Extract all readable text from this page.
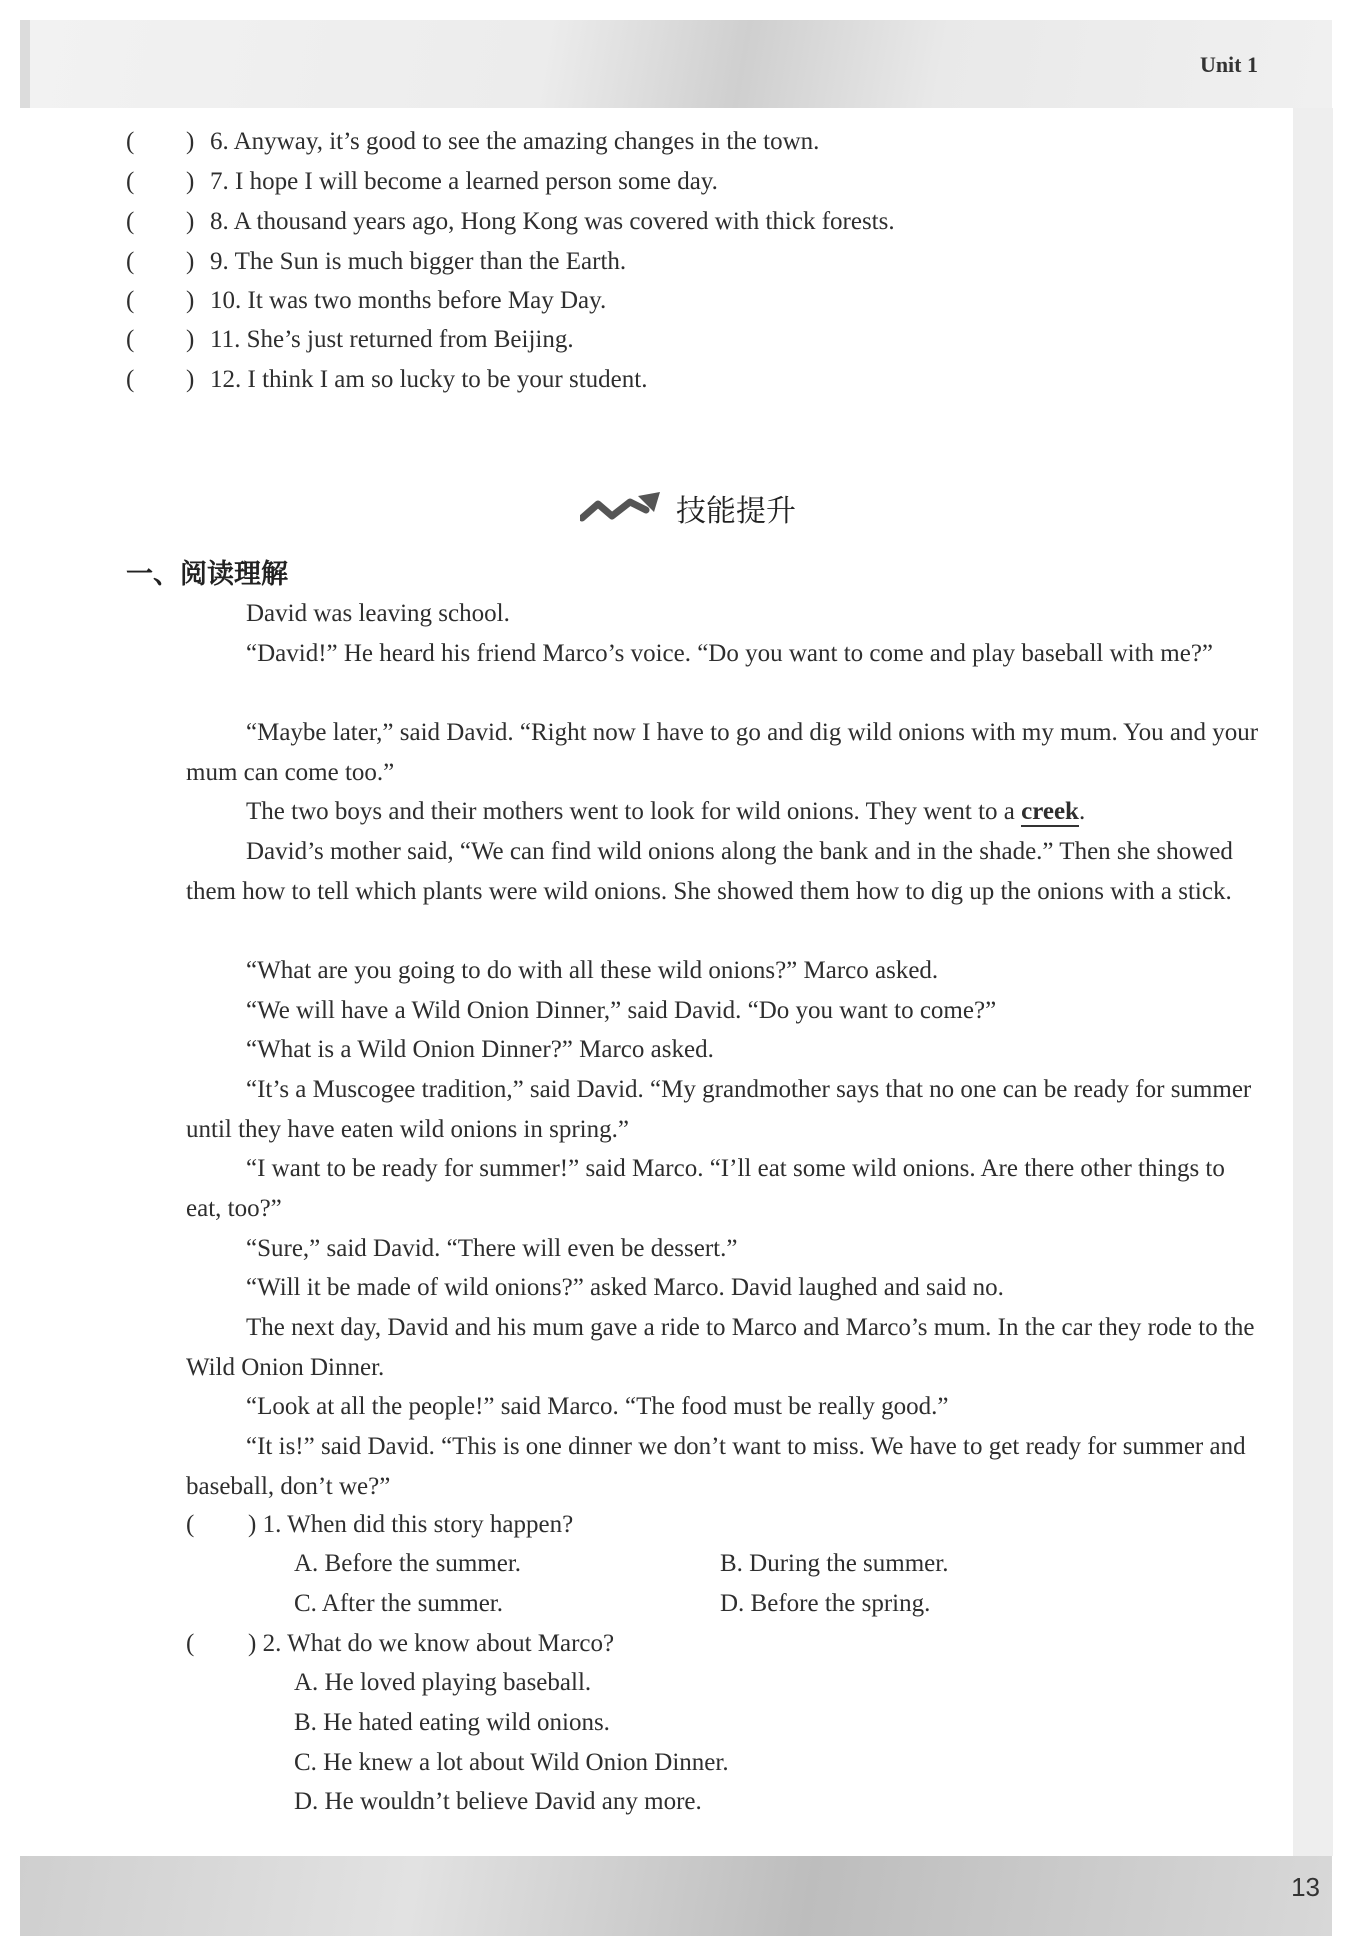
Unit 1
( ) 6. Anyway, it’s good to see the amazing changes in the town.
( ) 7. I hope I will become a learned person some day.
( ) 8. A thousand years ago, Hong Kong was covered with thick forests.
( ) 9. The Sun is much bigger than the Earth.
( ) 10. It was two months before May Day.
( ) 11. She’s just returned from Beijing.
( ) 12. I think I am so lucky to be your student.
技能提升
一、阅读理解
David was leaving school.
“David!” He heard his friend Marco’s voice. “Do you want to come and play baseball with me?”
“Maybe later,” said David. “Right now I have to go and dig wild onions with my mum. You and your mum can come too.”
The two boys and their mothers went to look for wild onions. They went to a creek.
David’s mother said, “We can find wild onions along the bank and in the shade.” Then she showed them how to tell which plants were wild onions. She showed them how to dig up the onions with a stick.
“What are you going to do with all these wild onions?” Marco asked.
“We will have a Wild Onion Dinner,” said David. “Do you want to come?”
“What is a Wild Onion Dinner?” Marco asked.
“It’s a Muscogee tradition,” said David. “My grandmother says that no one can be ready for summer until they have eaten wild onions in spring.”
“I want to be ready for summer!” said Marco. “I’ll eat some wild onions. Are there other things to eat, too?”
“Sure,” said David. “There will even be dessert.”
“Will it be made of wild onions?” asked Marco. David laughed and said no.
The next day, David and his mum gave a ride to Marco and Marco’s mum. In the car they rode to the Wild Onion Dinner.
“Look at all the people!” said Marco. “The food must be really good.”
“It is!” said David. “This is one dinner we don’t want to miss. We have to get ready for summer and baseball, don’t we?”
( ) 1. When did this story happen?
A. Before the summer.	B. During the summer.
C. After the summer.	D. Before the spring.
( ) 2. What do we know about Marco?
A. He loved playing baseball.
B. He hated eating wild onions.
C. He knew a lot about Wild Onion Dinner.
D. He wouldn’t believe David any more.
13
